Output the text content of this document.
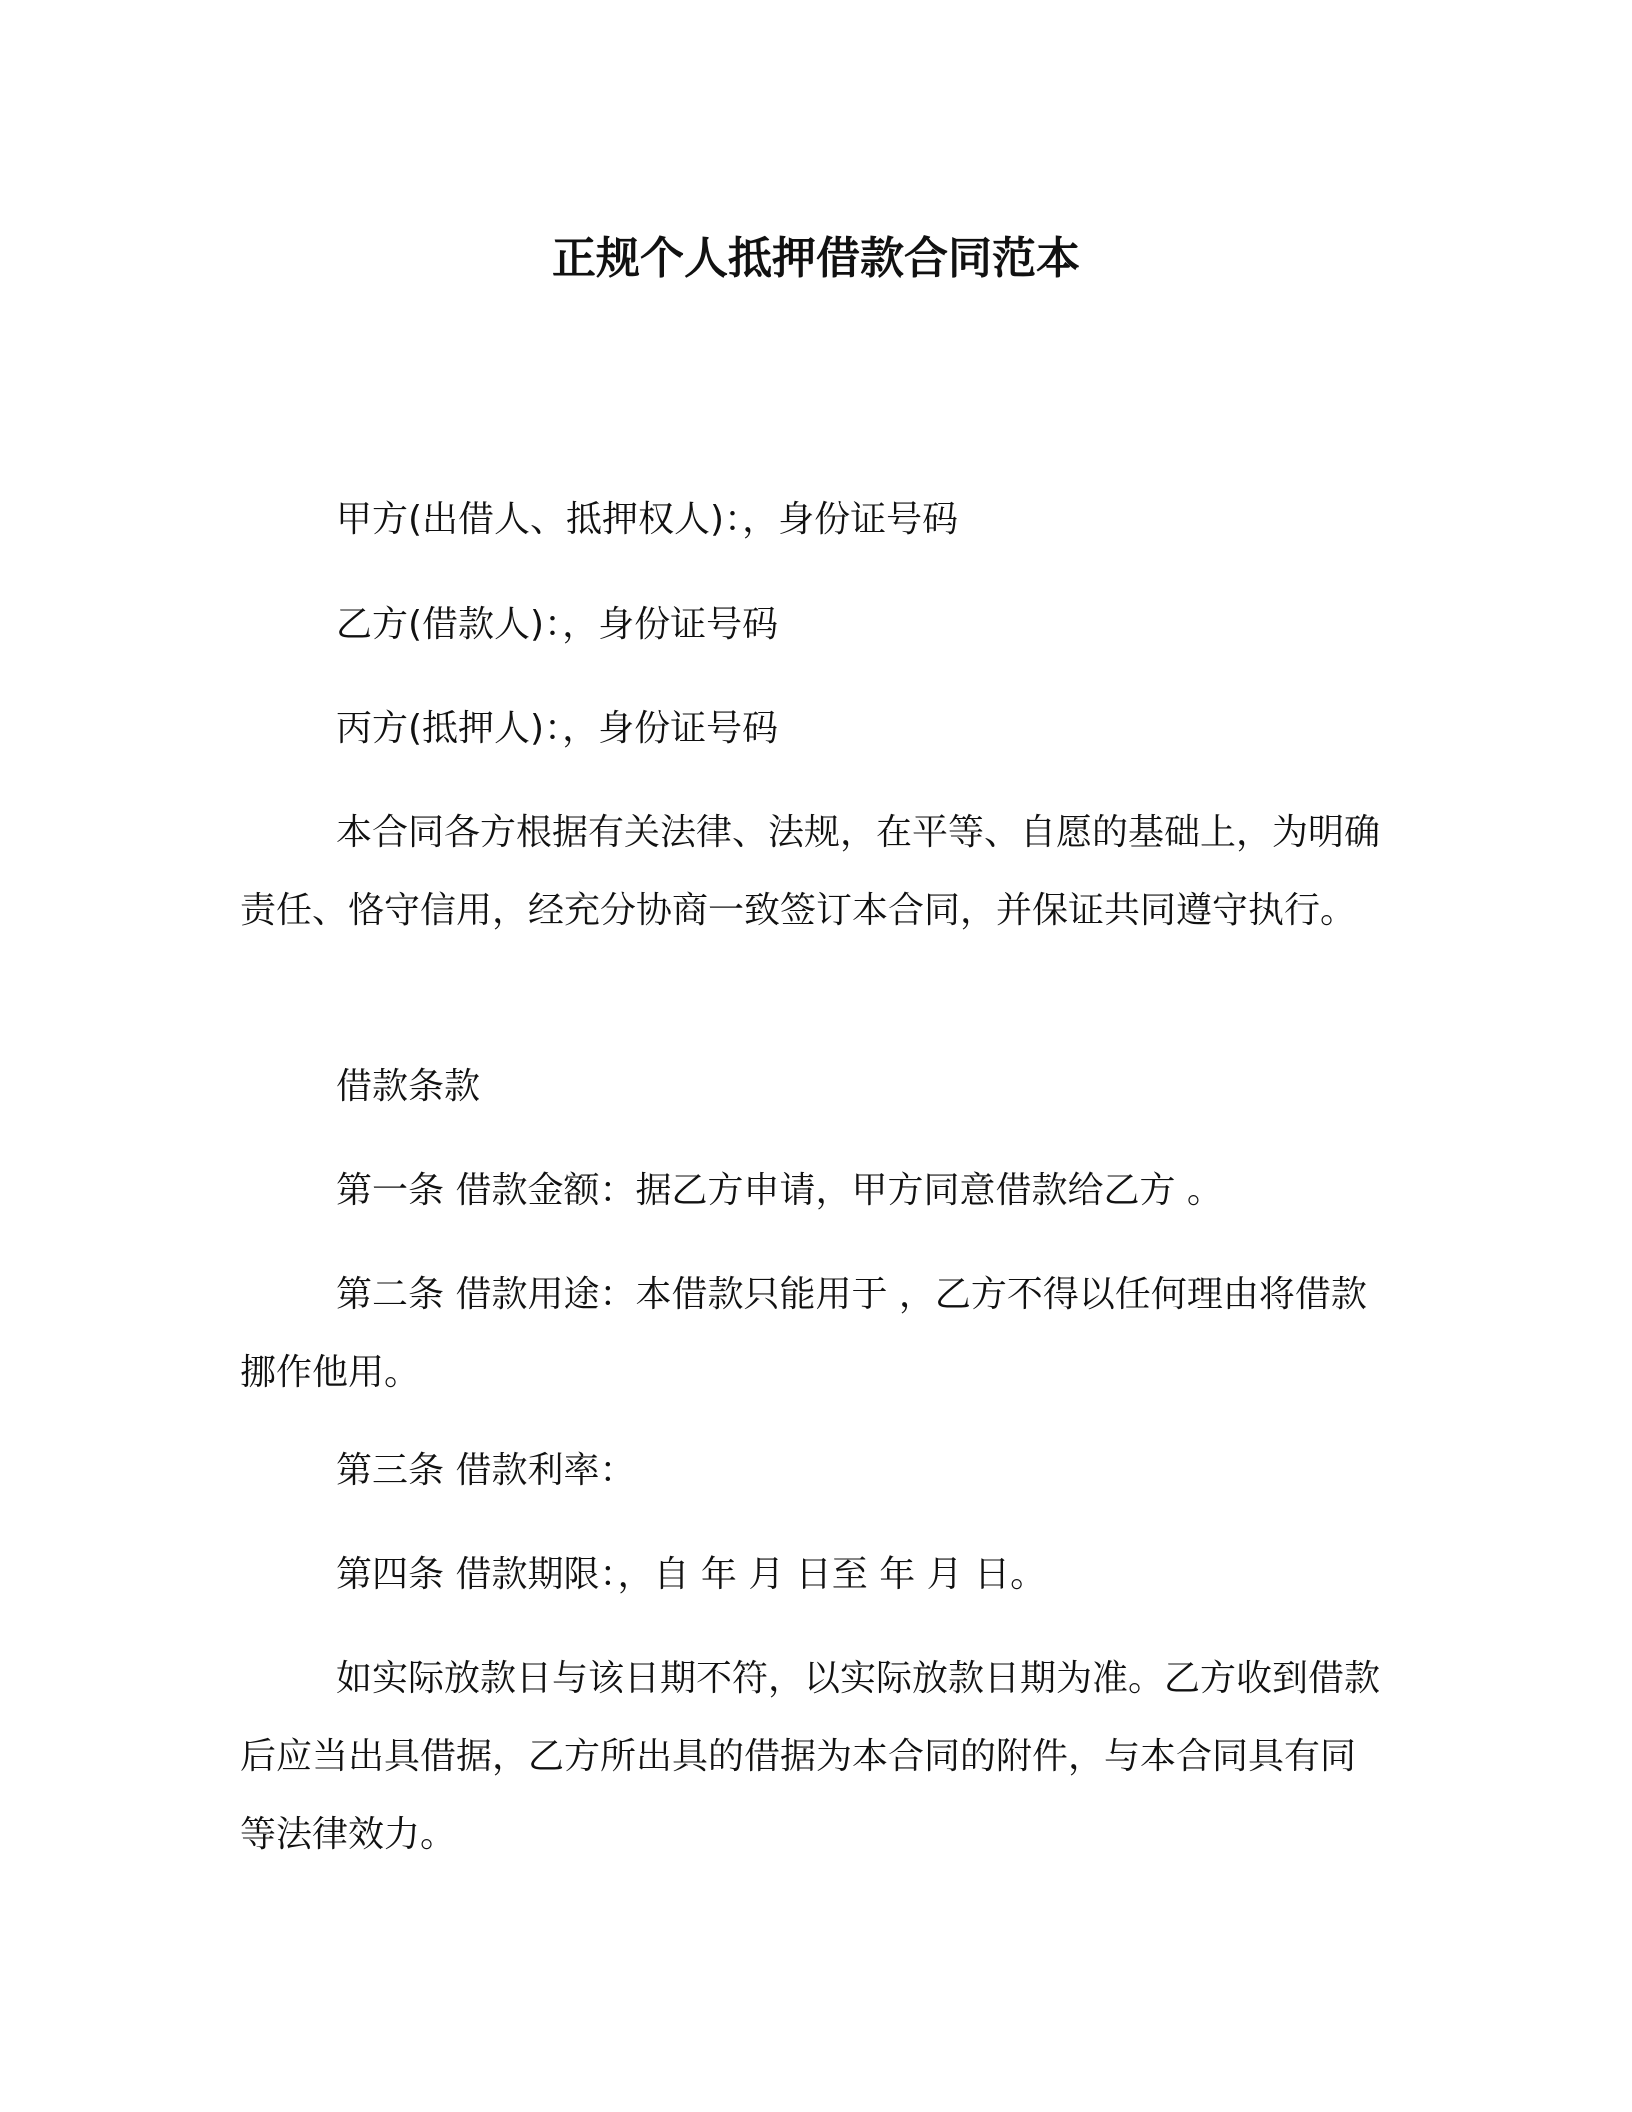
正规个人抵押借款合同范本

甲方(出借人、抵押权人)：，身份证号码

乙方(借款人)：，身份证号码

丙方(抵押人)：，身份证号码

本合同各方根据有关法律、法规，在平等、自愿的基础上，为明确责任、恪守信用，经充分协商一致签订本合同，并保证共同遵守执行。

借款条款

第一条 借款金额：据乙方申请，甲方同意借款给乙方 。

第二条 借款用途：本借款只能用于 ，乙方不得以任何理由将借款挪作他用。

第三条 借款利率：

第四条 借款期限：，自 年 月 日至 年 月 日。

如实际放款日与该日期不符，以实际放款日期为准。乙方收到借款后应当出具借据，乙方所出具的借据为本合同的附件，与本合同具有同等法律效力。
